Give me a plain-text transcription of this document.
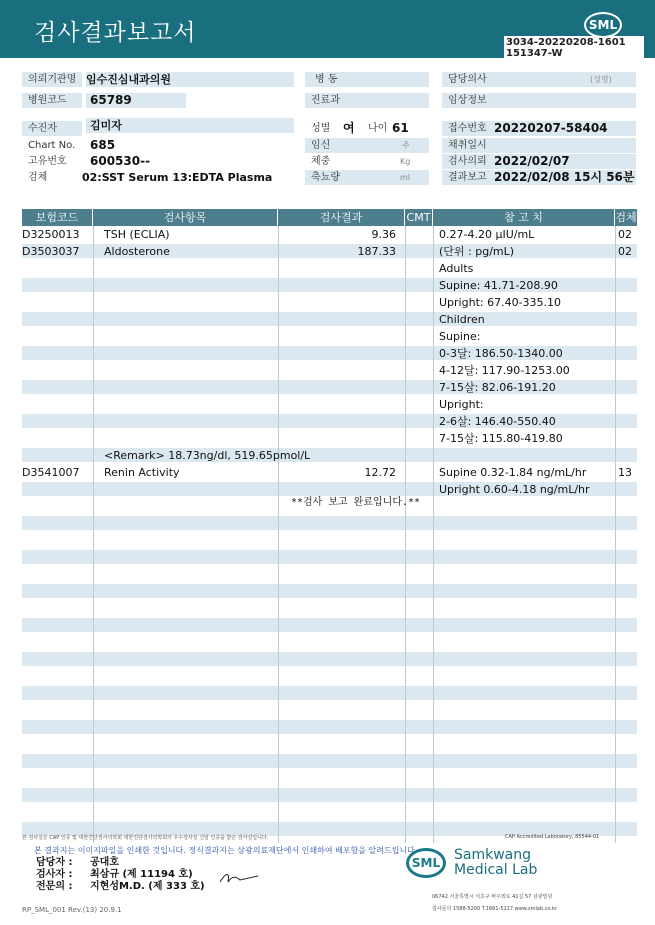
검사결과보고서	SML
3034-20220208-1601
151347-W
의뢰기관명 임수진심내과의원	병 동	담당의사	(성명)
병원코드	65789	진료과	임상정보
수진자	김미자	성별	여	나이 61	접수번호 20220207-58404
Chart No.	685	임신	주	채취일시
고유번호	600530--	체중	Kg	검사의뢰 2022/02/07
검체	02:SST Serum 13:EDTA Plasma	축뇨량	ml	결과보고 2022/02/08 15시 56분
보험코드	검사항목	검사결과	CMT	참 고 치	검체
D3250013 TSH (ECLIA)	9.36	0.27-4.20 μIU/mL	02
D3503037 Aldosterone	187.33	(단위 : pg/mL)	02
Adults
Supine: 41.71-208.90
Upright: 67.40-335.10
Children
Supine:
0-3달: 186.50-1340.00
4-12달: 117.90-1253.00
7-15살: 82.06-191.20
Upright:
2-6살: 146.40-550.40
7-15살: 115.80-419.80
<Remark> 18.73ng/dl, 519.65pmol/L
D3541007 Renin Activity	12.72	Supine 0.32-1.84 ng/mL/hr	13
Upright 0.60-4.18 ng/mL/hr
**검사 보고 완료입니다.**
본 검사실은 CAP 인증 및 대한진단검사의학회 대한진단검사의학회의 우수검사실 신임 인증을 받은 검사실입니다.	CAP Accredited Laboratory, 85544-01
본 결과지는 이미지파일을 인쇄한 것입니다. 정식결과지는 삼광의료재단에서 인쇄하여 배포함을 알려드립니다.
담당자 : 공대호
검사자 : 최삼규 (제 11194 호)
전문의 : 지현성M.D. (제 333 호)
SML Samkwang
Medical Lab
06742 서울특별시 서초구 바우뫼로 41길 57 삼광빌딩
검사문의 1588-5200 T.1661-5117 www.smlab.co.kr
RP_SML_001 Rev.(13) 20.9.1
